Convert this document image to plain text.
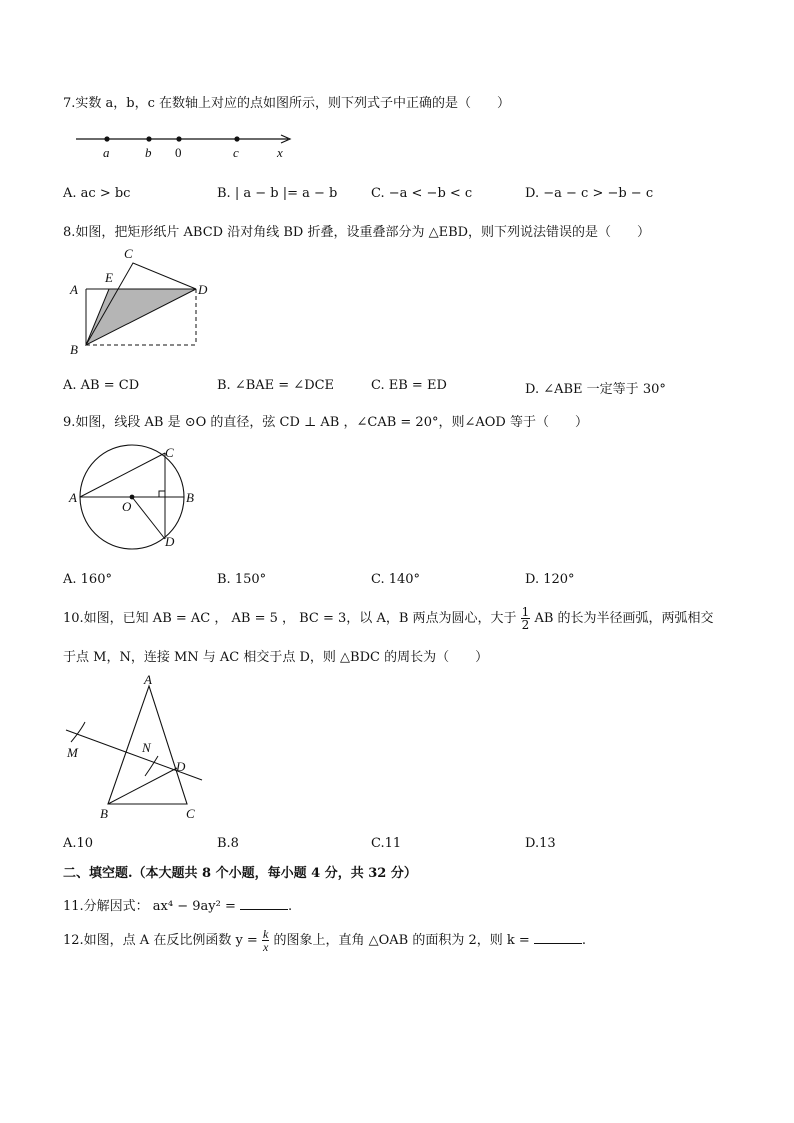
7.实数 a，b，c 在数轴上对应的点如图所示，则下列式子中正确的是（　　）
a	b 0	c	x
A. ac > bc	B. | a − b |= a − b	C. −a < −b < c	D. −a − c > −b − c
8.如图，把矩形纸片 ABCD 沿对角线 BD 折叠，设重叠部分为 △EBD，则下列说法错误的是（　　）
C
E
A	D
B
A. AB = CD	B. ∠BAE = ∠DCE	C. EB = ED	D. ∠ABE 一定等于 30°
9.如图，线段 AB 是 ⊙O 的直径，弦 CD ⊥ AB ，∠CAB = 20°，则∠AOD 等于（　　）
A
O
B
C
D
A. 160°	B. 150°	C. 140°	D. 120°
10.如图，已知 AB = AC ， AB = 5 ， BC = 3，以 A，B 两点为圆心，大于 $\frac{1}{2}$ AB 的长为半径画弧，两弧相交
于点 M，N，连接 MN 与 AC 相交于点 D，则 △BDC 的周长为（　　）
A
M	N
D
B	C
A.10	B.8	C.11	D.13
二、填空题.（本大题共 8 个小题，每小题 4 分，共 32 分）
11.分解因式： ax⁴ − 9ay² =	.
12.如图，点 A 在反比例函数 $y = \frac{k}{x}$ 的图象上，直角 △OAB 的面积为 2，则 k =	.
